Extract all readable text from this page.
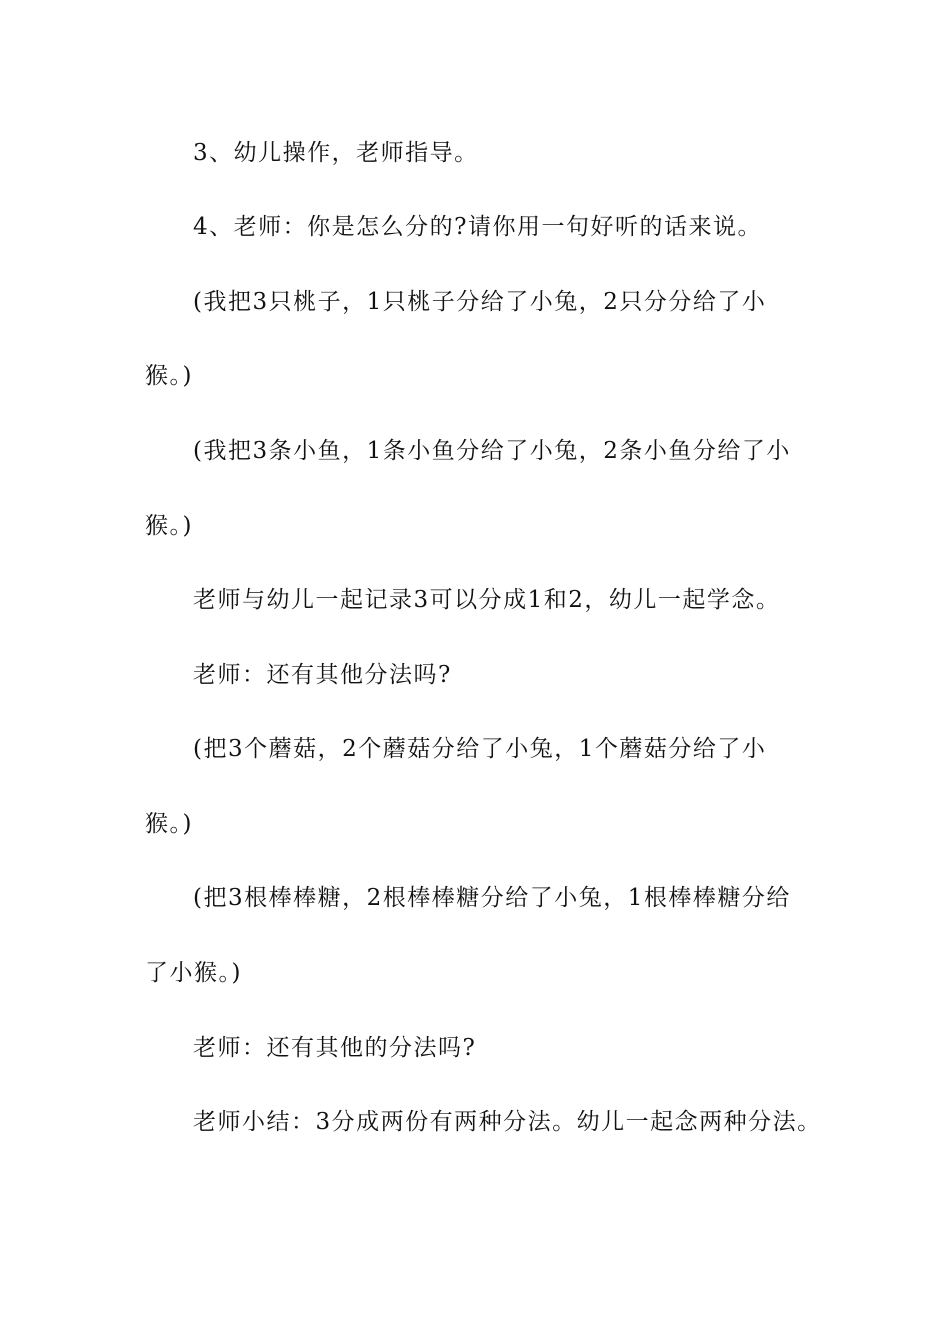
3、幼儿操作，老师指导。
4、老师：你是怎么分的?请你用一句好听的话来说。
(我把3只桃子，1只桃子分给了小兔，2只分分给了小
猴。)
(我把3条小鱼，1条小鱼分给了小兔，2条小鱼分给了小
猴。)
老师与幼儿一起记录3可以分成1和2，幼儿一起学念。
老师：还有其他分法吗?
(把3个蘑菇，2个蘑菇分给了小兔，1个蘑菇分给了小
猴。)
(把3根棒棒糖，2根棒棒糖分给了小兔，1根棒棒糖分给
了小猴。)
老师：还有其他的分法吗?
老师小结：3分成两份有两种分法。幼儿一起念两种分法。
